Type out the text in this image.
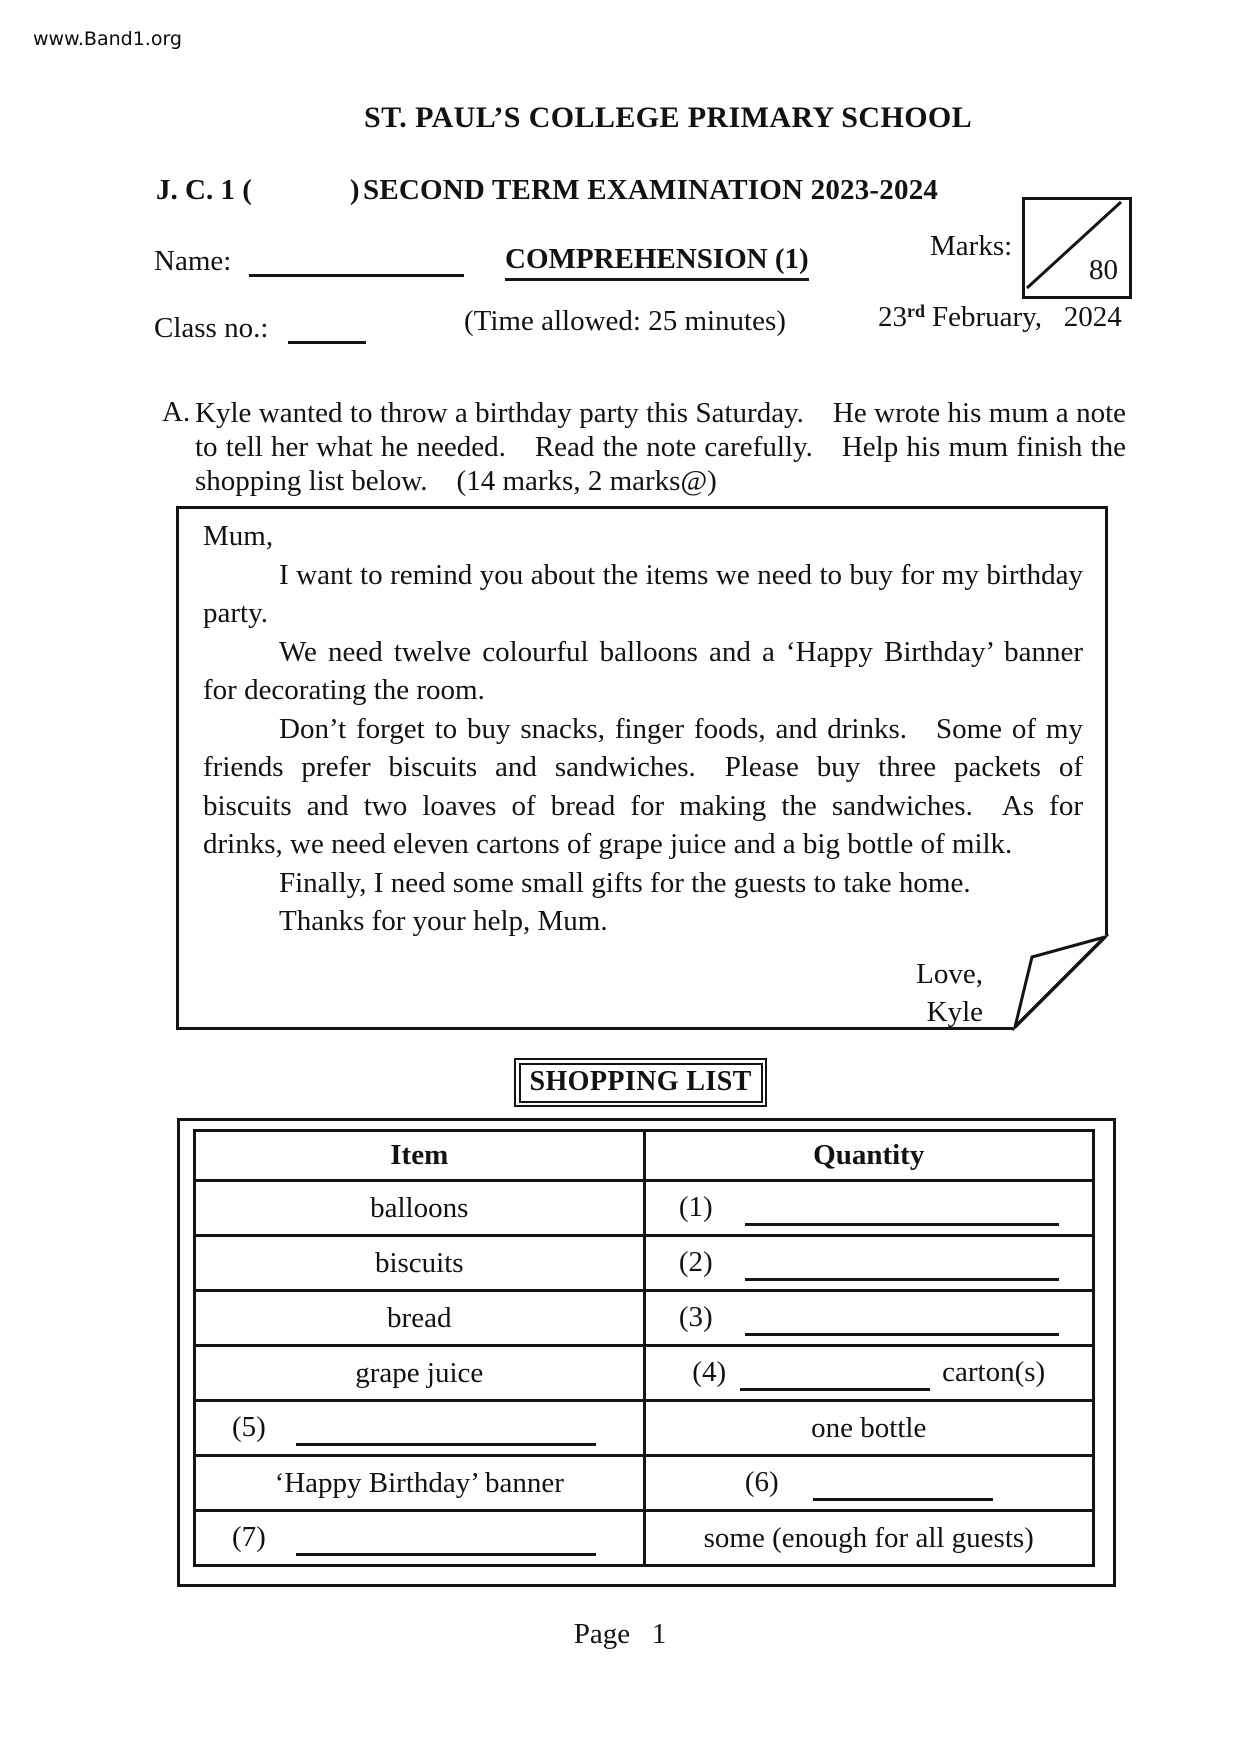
www.Band1.org
ST. PAUL’S COLLEGE PRIMARY SCHOOL
J. C. 1 (	) SECOND TERM EXAMINATION 2023-2024
Name:	COMPREHENSION (1)	Marks:
80
Class no.:	(Time allowed: 25 minutes)	23rd February,  2024
A. Kyle wanted to throw a birthday party this Saturday.  He wrote his mum a note to tell her what he needed.  Read the note carefully.  Help his mum finish the shopping list below.  (14 marks, 2 marks@)

Mum,

I want to remind you about the items we need to buy for my birthday party.

We need twelve colourful balloons and a ‘Happy Birthday’ banner for decorating the room.

Don’t forget to buy snacks, finger foods, and drinks.  Some of my friends prefer biscuits and sandwiches.  Please buy three packets of biscuits and two loaves of bread for making the sandwiches.  As for drinks, we need eleven cartons of grape juice and a big bottle of milk.

Finally, I need some small gifts for the guests to take home.

Thanks for your help, Mum.

Love,
Kyle
SHOPPING LIST
Item	Quantity
balloons	(1)
biscuits	(2)
bread	(3)
grape juice	(4) carton(s)
(5)	one bottle
‘Happy Birthday’ banner	(6)
(7)	some (enough for all guests)
Page  1
